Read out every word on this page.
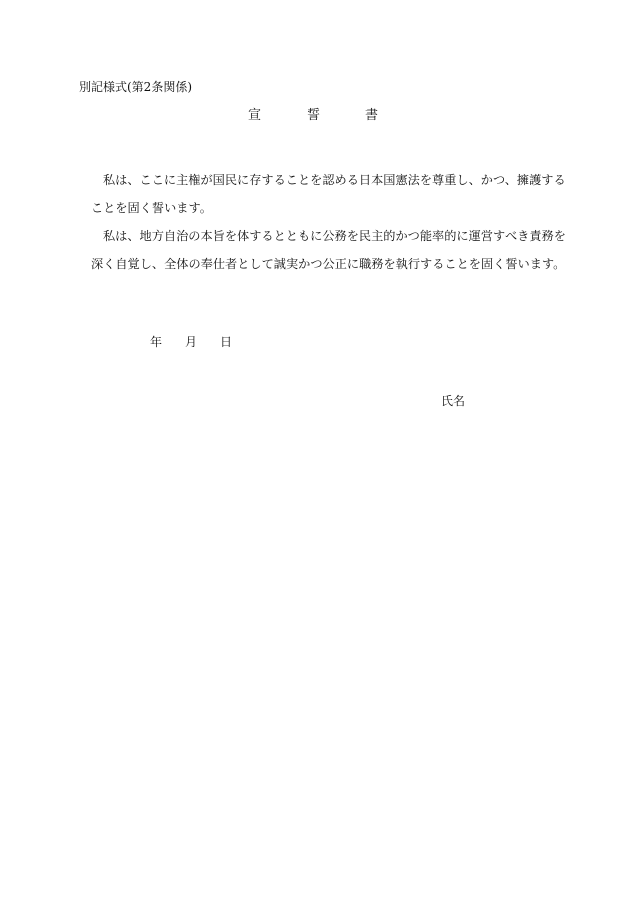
別記様式(第2条関係)
宣	誓	書
私は、ここに主権が国民に存することを認める日本国憲法を尊重し、かつ、擁護する
ことを固く誓います。
私は、地方自治の本旨を体するとともに公務を民主的かつ能率的に運営すべき責務を
深く自覚し、全体の奉仕者として誠実かつ公正に職務を執行することを固く誓います。
年 月 日
氏名
